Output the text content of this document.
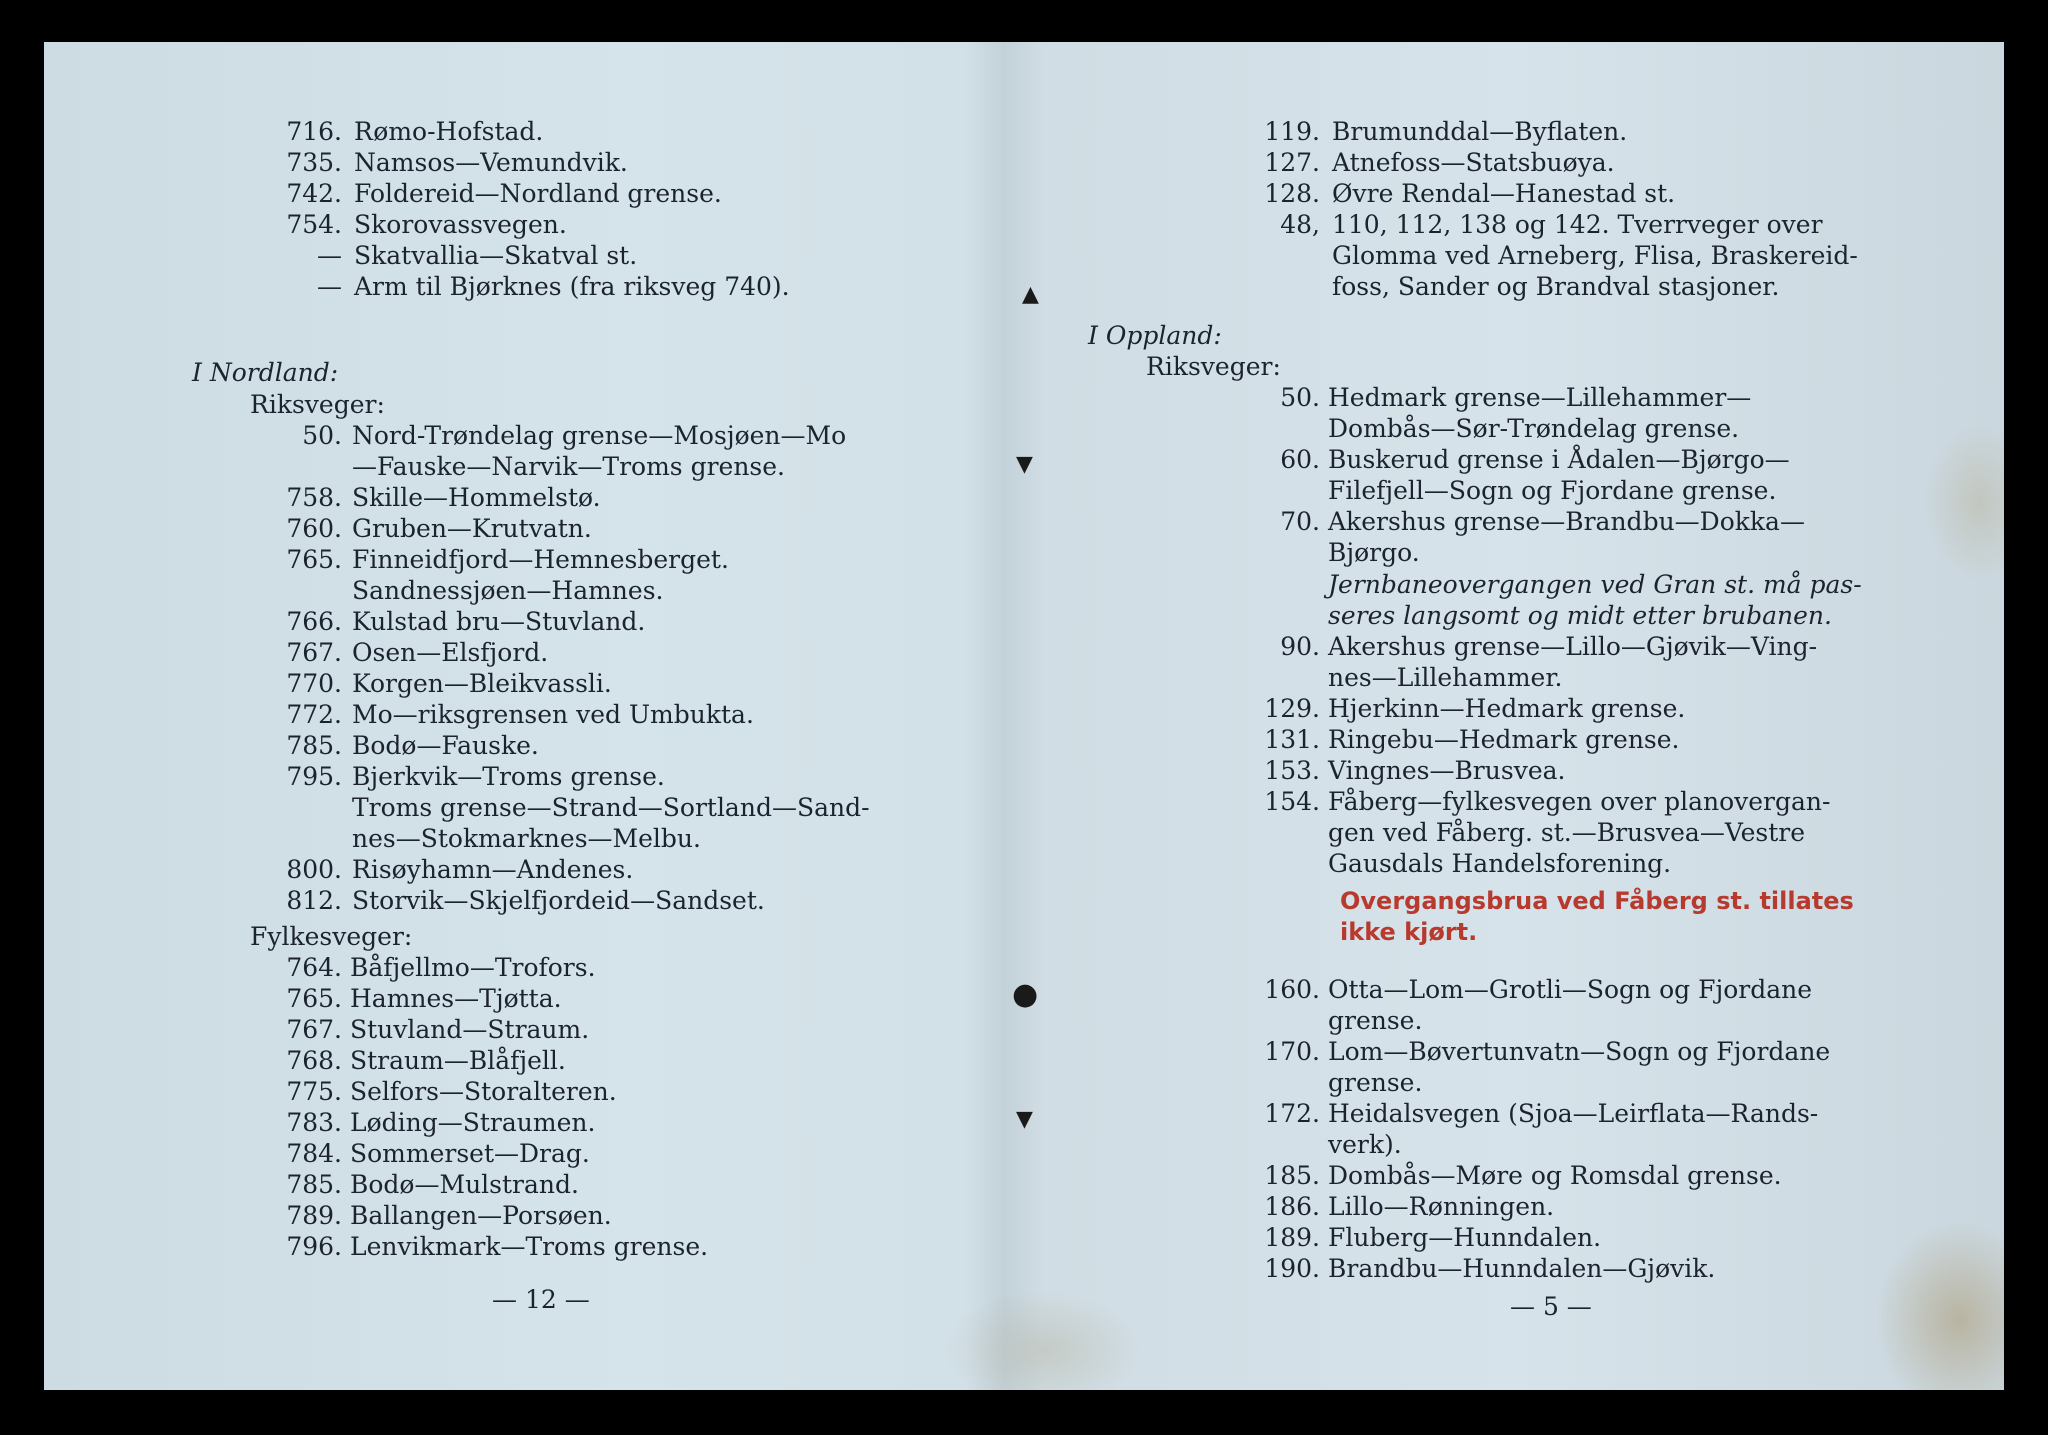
▲
▼
●
▼
716. Rømo-Hofstad.
735. Namsos—Vemundvik.
742. Foldereid—Nordland grense.
754. Skorovassvegen.
— Skatvallia—Skatval st.
— Arm til Bjørknes (fra riksveg 740).
I Nordland:
Riksveger:
50. Nord-Trøndelag grense—Mosjøen—Mo
—Fauske—Narvik—Troms grense.
758. Skille—Hommelstø.
760. Gruben—Krutvatn.
765. Finneidfjord—Hemnesberget.
Sandnessjøen—Hamnes.
766. Kulstad bru—Stuvland.
767. Osen—Elsfjord.
770. Korgen—Bleikvassli.
772. Mo—riksgrensen ved Umbukta.
785. Bodø—Fauske.
795. Bjerkvik—Troms grense.
Troms grense—Strand—Sortland—Sand-
nes—Stokmarknes—Melbu.
800. Risøyhamn—Andenes.
812. Storvik—Skjelfjordeid—Sandset.
Fylkesveger:
764. Båfjellmo—Trofors.
765. Hamnes—Tjøtta.
767. Stuvland—Straum.
768. Straum—Blåfjell.
775. Selfors—Storalteren.
783. Løding—Straumen.
784. Sommerset—Drag.
785. Bodø—Mulstrand.
789. Ballangen—Porsøen.
796. Lenvikmark—Troms grense.
— 12 —
119. Brumunddal—Byflaten.
127. Atnefoss—Statsbuøya.
128. Øvre Rendal—Hanestad st.
48, 110, 112, 138 og 142. Tverrveger over
Glomma ved Arneberg, Flisa, Braskereid-
foss, Sander og Brandval stasjoner.
I Oppland:
Riksveger:
50. Hedmark grense—Lillehammer—
Dombås—Sør-Trøndelag grense.
60. Buskerud grense i Ådalen—Bjørgo—
Filefjell—Sogn og Fjordane grense.
70. Akershus grense—Brandbu—Dokka—
Bjørgo.
Jernbaneovergangen ved Gran st. må pas-
seres langsomt og midt etter brubanen.
90. Akershus grense—Lillo—Gjøvik—Ving-
nes—Lillehammer.
129. Hjerkinn—Hedmark grense.
131. Ringebu—Hedmark grense.
153. Vingnes—Brusvea.
154. Fåberg—fylkesvegen over planovergan-
gen ved Fåberg. st.—Brusvea—Vestre
Gausdals Handelsforening.
Overgangsbrua ved Fåberg st. tillates
ikke kjørt.
160. Otta—Lom—Grotli—Sogn og Fjordane
grense.
170. Lom—Bøvertunvatn—Sogn og Fjordane
grense.
172. Heidalsvegen (Sjoa—Leirflata—Rands-
verk).
185. Dombås—Møre og Romsdal grense.
186. Lillo—Rønningen.
189. Fluberg—Hunndalen.
190. Brandbu—Hunndalen—Gjøvik.
— 5 —
